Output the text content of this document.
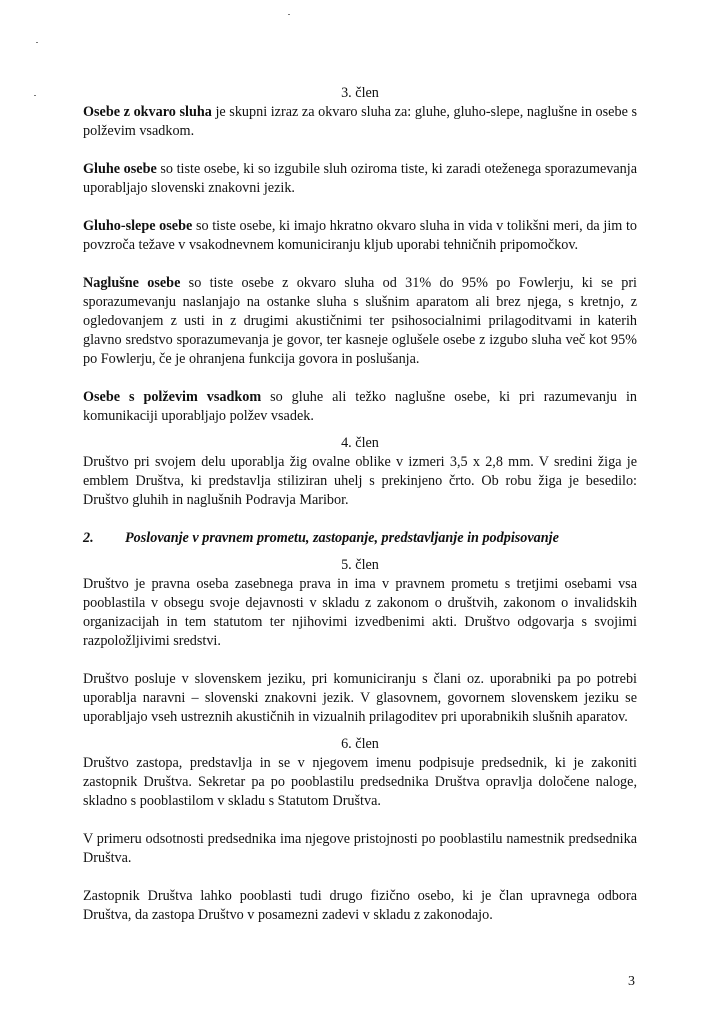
3. člen

Osebe z okvaro sluha je skupni izraz za okvaro sluha za: gluhe, gluho-slepe, naglušne in osebe s polževim vsadkom.

Gluhe osebe so tiste osebe, ki so izgubile sluh oziroma tiste, ki zaradi oteženega sporazumevanja uporabljajo slovenski znakovni jezik.

Gluho-slepe osebe so tiste osebe, ki imajo hkratno okvaro sluha in vida v tolikšni meri, da jim to povzroča težave v vsakodnevnem komuniciranju kljub uporabi tehničnih pripomočkov.

Naglušne osebe so tiste osebe z okvaro sluha od 31% do 95% po Fowlerju, ki se pri sporazumevanju naslanjajo na ostanke sluha s slušnim aparatom ali brez njega, s kretnjo, z ogledovanjem z usti in z drugimi akustičnimi ter psihosocialnimi prilagoditvami in katerih glavno sredstvo sporazumevanja je govor, ter kasneje oglušele osebe z izgubo sluha več kot 95% po Fowlerju, če je ohranjena funkcija govora in poslušanja.

Osebe s polževim vsadkom so gluhe ali težko naglušne osebe, ki pri razumevanju in komunikaciji uporabljajo polžev vsadek.

4. člen

Društvo pri svojem delu uporablja žig ovalne oblike v izmeri 3,5 x 2,8 mm. V sredini žiga je emblem Društva, ki predstavlja stiliziran uhelj s prekinjeno črto. Ob robu žiga je besedilo: Društvo gluhih in naglušnih Podravja Maribor.

2. Poslovanje v pravnem prometu, zastopanje, predstavljanje in podpisovanje

5. člen

Društvo je pravna oseba zasebnega prava in ima v pravnem prometu s tretjimi osebami vsa pooblastila v obsegu svoje dejavnosti v skladu z zakonom o društvih, zakonom o invalidskih organizacijah in tem statutom ter njihovimi izvedbenimi akti. Društvo odgovarja s svojimi razpoložljivimi sredstvi.

Društvo posluje v slovenskem jeziku, pri komuniciranju s člani oz. uporabniki pa po potrebi uporablja naravni – slovenski znakovni jezik. V glasovnem, govornem slovenskem jeziku se uporabljajo vseh ustreznih akustičnih in vizualnih prilagoditev pri uporabnikih slušnih aparatov.

6. člen

Društvo zastopa, predstavlja in se v njegovem imenu podpisuje predsednik, ki je zakoniti zastopnik Društva. Sekretar pa po pooblastilu predsednika Društva opravlja določene naloge, skladno s pooblastilom v skladu s Statutom Društva.

V primeru odsotnosti predsednika ima njegove pristojnosti po pooblastilu namestnik predsednika Društva.

Zastopnik Društva lahko pooblasti tudi drugo fizično osebo, ki je član upravnega odbora Društva, da zastopa Društvo v posamezni zadevi v skladu z zakonodajo.

3
